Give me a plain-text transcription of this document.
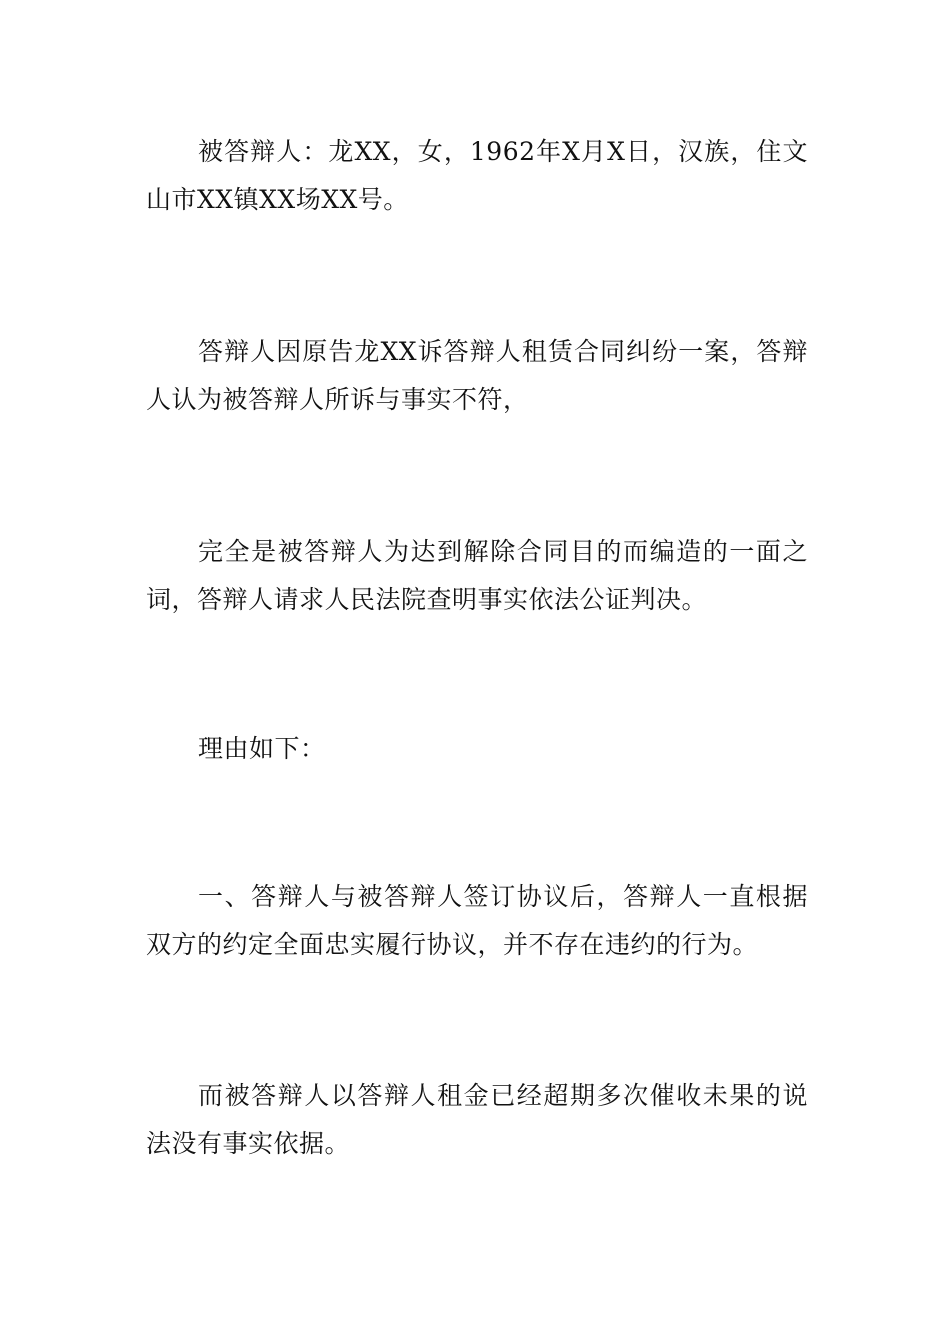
被答辩人：龙XX，女，1962年X月X日，汉族，住文山市XX镇XX场XX号。

答辩人因原告龙XX诉答辩人租赁合同纠纷一案，答辩人认为被答辩人所诉与事实不符，

完全是被答辩人为达到解除合同目的而编造的一面之词，答辩人请求人民法院查明事实依法公证判决。

理由如下：

一、答辩人与被答辩人签订协议后，答辩人一直根据双方的约定全面忠实履行协议，并不存在违约的行为。

而被答辩人以答辩人租金已经超期多次催收未果的说法没有事实依据。
